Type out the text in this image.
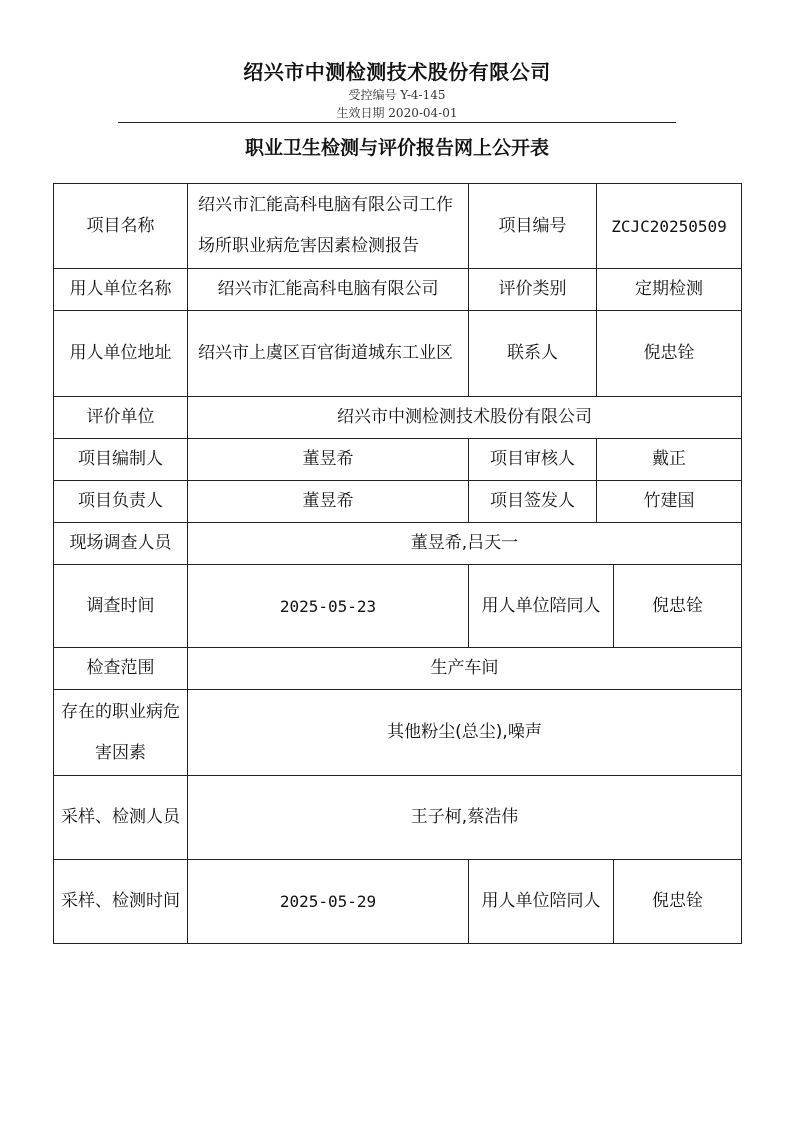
绍兴市中测检测技术股份有限公司
受控编号 Y-4-145
生效日期 2020-04-01
职业卫生检测与评价报告网上公开表
项目名称	绍兴市汇能高科电脑有限公司工作场所职业病危害因素检测报告	项目编号	ZCJC20250509	
用人单位名称	绍兴市汇能高科电脑有限公司	评价类别	定期检测	
用人单位地址	绍兴市上虞区百官街道城东工业区	联系人	倪忠铨	
评价单位	绍兴市中测检测技术股份有限公司			
项目编制人	董昱希	项目审核人	戴正	
项目负责人	董昱希	项目签发人	竹建国	
现场调查人员	董昱希,吕天一			
调查时间	2025-05-23	用人单位陪同人		倪忠铨
检查范围	生产车间			
存在的职业病危害因素	其他粉尘(总尘),噪声			
采样、检测人员	王子柯,蔡浩伟			
采样、检测时间	2025-05-29	用人单位陪同人		倪忠铨
